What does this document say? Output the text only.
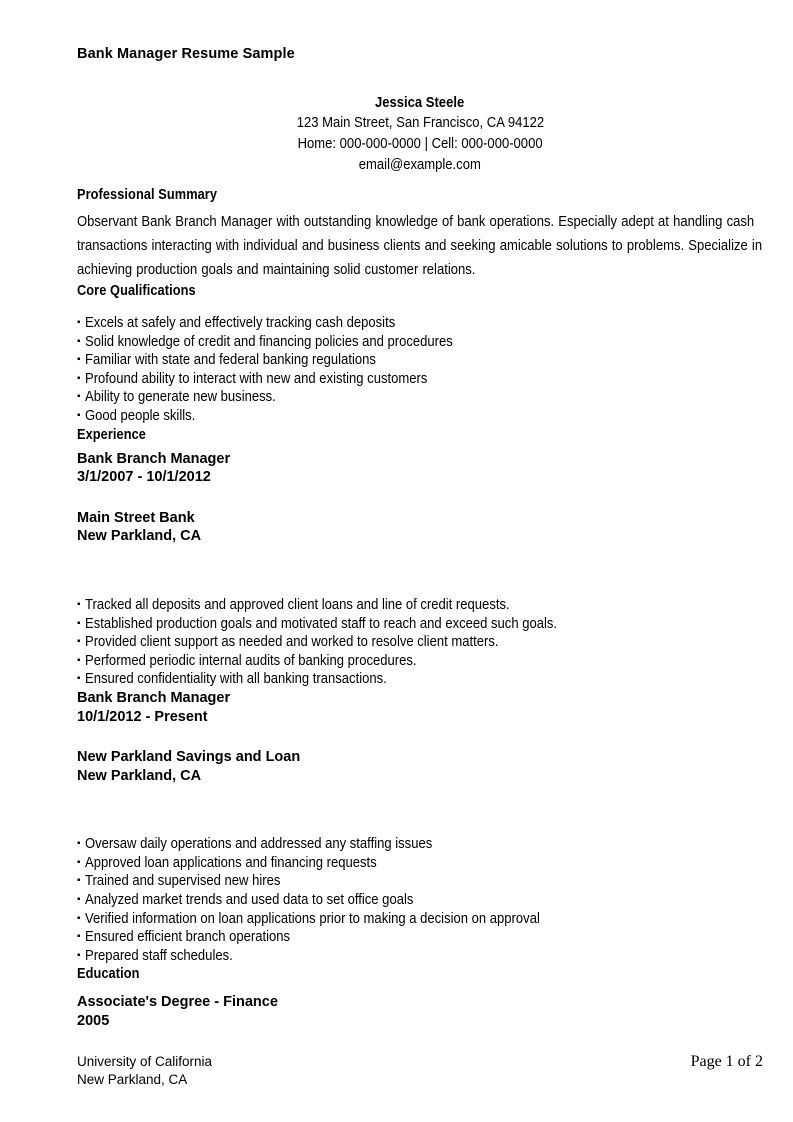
Bank Manager Resume Sample
Jessica Steele
123 Main Street, San Francisco, CA 94122
Home: 000-000-0000 | Cell: 000-000-0000
email@example.com
Professional Summary
Observant Bank Branch Manager with outstanding knowledge of bank operations. Especially adept at handling cash transactions interacting with individual and business clients and seeking amicable solutions to problems. Specialize in achieving production goals and maintaining solid customer relations.
Core Qualifications
▪ Excels at safely and effectively tracking cash deposits
▪ Solid knowledge of credit and financing policies and procedures
▪ Familiar with state and federal banking regulations
▪ Profound ability to interact with new and existing customers
▪ Ability to generate new business.
▪ Good people skills.
Experience
Bank Branch Manager
3/1/2007 - 10/1/2012
Main Street Bank
New Parkland, CA
▪ Tracked all deposits and approved client loans and line of credit requests.
▪ Established production goals and motivated staff to reach and exceed such goals.
▪ Provided client support as needed and worked to resolve client matters.
▪ Performed periodic internal audits of banking procedures.
▪ Ensured confidentiality with all banking transactions.
Bank Branch Manager
10/1/2012 - Present
New Parkland Savings and Loan
New Parkland, CA
▪ Oversaw daily operations and addressed any staffing issues
▪ Approved loan applications and financing requests
▪ Trained and supervised new hires
▪ Analyzed market trends and used data to set office goals
▪ Verified information on loan applications prior to making a decision on approval
▪ Ensured efficient branch operations
▪ Prepared staff schedules.
Education
Associate's Degree - Finance
2005
University of California
New Parkland, CA
Page 1 of 2
